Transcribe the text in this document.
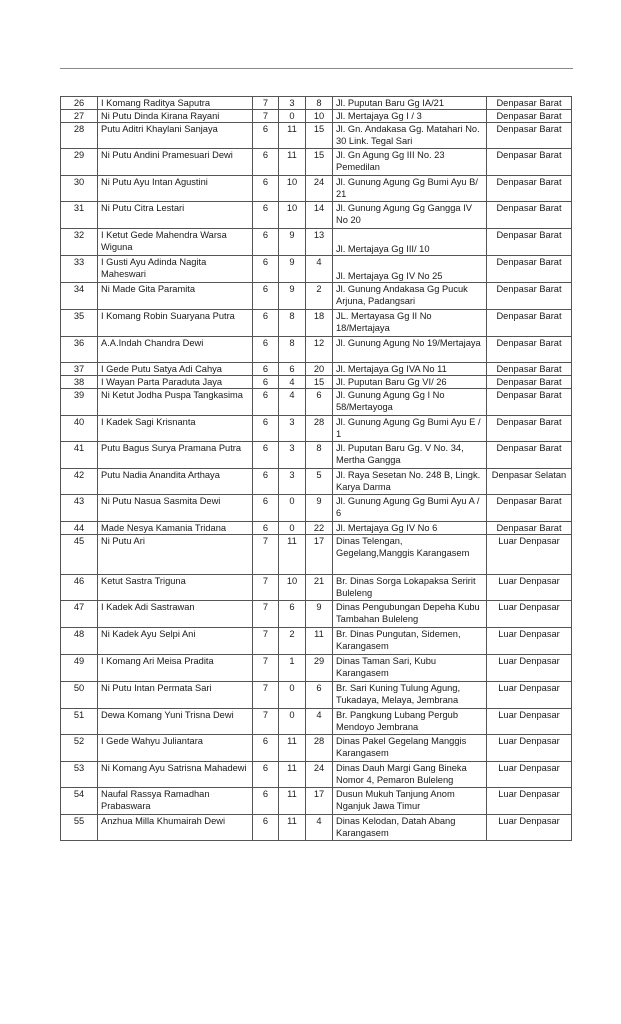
26	I Komang Raditya Saputra	7	3	8	Jl. Puputan Baru Gg IA/21	Denpasar Barat
27	Ni Putu Dinda Kirana Rayani	7	0	10	Jl. Mertajaya Gg I / 3	Denpasar Barat
28	Putu Aditri Khaylani Sanjaya	6	11	15	Jl. Gn. Andakasa Gg. Matahari No. 30 Link. Tegal Sari	Denpasar Barat
29	Ni Putu Andini Pramesuari Dewi	6	11	15	Jl. Gn Agung Gg III No. 23 Pemedilan	Denpasar Barat
30	Ni Putu Ayu Intan Agustini	6	10	24	Jl. Gunung Agung Gg Bumi Ayu B/ 21	Denpasar Barat
31	Ni Putu Citra Lestari	6	10	14	Jl. Gunung Agung Gg Gangga IV No 20	Denpasar Barat
32	I Ketut Gede Mahendra Warsa Wiguna	6	9	13	Jl. Mertajaya Gg III/ 10	Denpasar Barat
33	I Gusti Ayu Adinda Nagita Maheswari	6	9	4	Jl. Mertajaya Gg IV No 25	Denpasar Barat
34	Ni Made Gita Paramita	6	9	2	Jl. Gunung Andakasa Gg Pucuk Arjuna, Padangsari	Denpasar Barat
35	I Komang Robin Suaryana Putra	6	8	18	JL. Mertayasa Gg II No 18/Mertajaya	Denpasar Barat
36	A.A.Indah Chandra Dewi	6	8	12	Jl. Gunung Agung No 19/Mertajaya	Denpasar Barat
37	I Gede Putu Satya Adi Cahya	6	6	20	Jl. Mertajaya Gg IVA No 11	Denpasar Barat
38	I Wayan Parta Paraduta Jaya	6	4	15	Jl. Puputan Baru Gg VI/ 26	Denpasar Barat
39	Ni Ketut Jodha Puspa Tangkasima	6	4	6	Jl. Gunung Agung Gg I No 58/Mertayoga	Denpasar Barat
40	I Kadek Sagi Krisnanta	6	3	28	Jl. Gunung Agung Gg Bumi Ayu E / 1	Denpasar Barat
41	Putu Bagus Surya Pramana Putra	6	3	8	Jl. Puputan Baru Gg. V No. 34, Mertha Gangga	Denpasar Barat
42	Putu Nadia Anandita Arthaya	6	3	5	Jl. Raya Sesetan No. 248 B, Lingk. Karya Darma	Denpasar Selatan
43	Ni Putu Nasua Sasmita Dewi	6	0	9	Jl. Gunung Agung Gg Bumi Ayu A / 6	Denpasar Barat
44	Made Nesya Kamania Tridana	6	0	22	Jl. Mertajaya Gg IV No 6	Denpasar Barat
45	Ni Putu Ari	7	11	17	Dinas Telengan, Gegelang,Manggis Karangasem	Luar Denpasar
46	Ketut Sastra Triguna	7	10	21	Br. Dinas Sorga Lokapaksa Seririt Buleleng	Luar Denpasar
47	I Kadek Adi Sastrawan	7	6	9	Dinas Pengubungan Depeha Kubu Tambahan Buleleng	Luar Denpasar
48	Ni Kadek Ayu Selpi Ani	7	2	11	Br. Dinas Pungutan, Sidemen, Karangasem	Luar Denpasar
49	I Komang Ari Meisa Pradita	7	1	29	Dinas Taman Sari, Kubu Karangasem	Luar Denpasar
50	Ni Putu Intan Permata Sari	7	0	6	Br. Sari Kuning Tulung Agung, Tukadaya, Melaya, Jembrana	Luar Denpasar
51	Dewa Komang Yuni Trisna Dewi	7	0	4	Br. Pangkung Lubang Pergub Mendoyo Jembrana	Luar Denpasar
52	I Gede Wahyu Juliantara	6	11	28	Dinas Pakel Gegelang Manggis Karangasem	Luar Denpasar
53	Ni Komang Ayu Satrisna Mahadewi	6	11	24	Dinas Dauh Margi Gang Bineka Nomor 4, Pemaron Buleleng	Luar Denpasar
54	Naufal Rassya Ramadhan Prabaswara	6	11	17	Dusun Mukuh Tanjung Anom Nganjuk Jawa Timur	Luar Denpasar
55	Anzhua Milla Khumairah Dewi	6	11	4	Dinas Kelodan, Datah Abang Karangasem	Luar Denpasar
